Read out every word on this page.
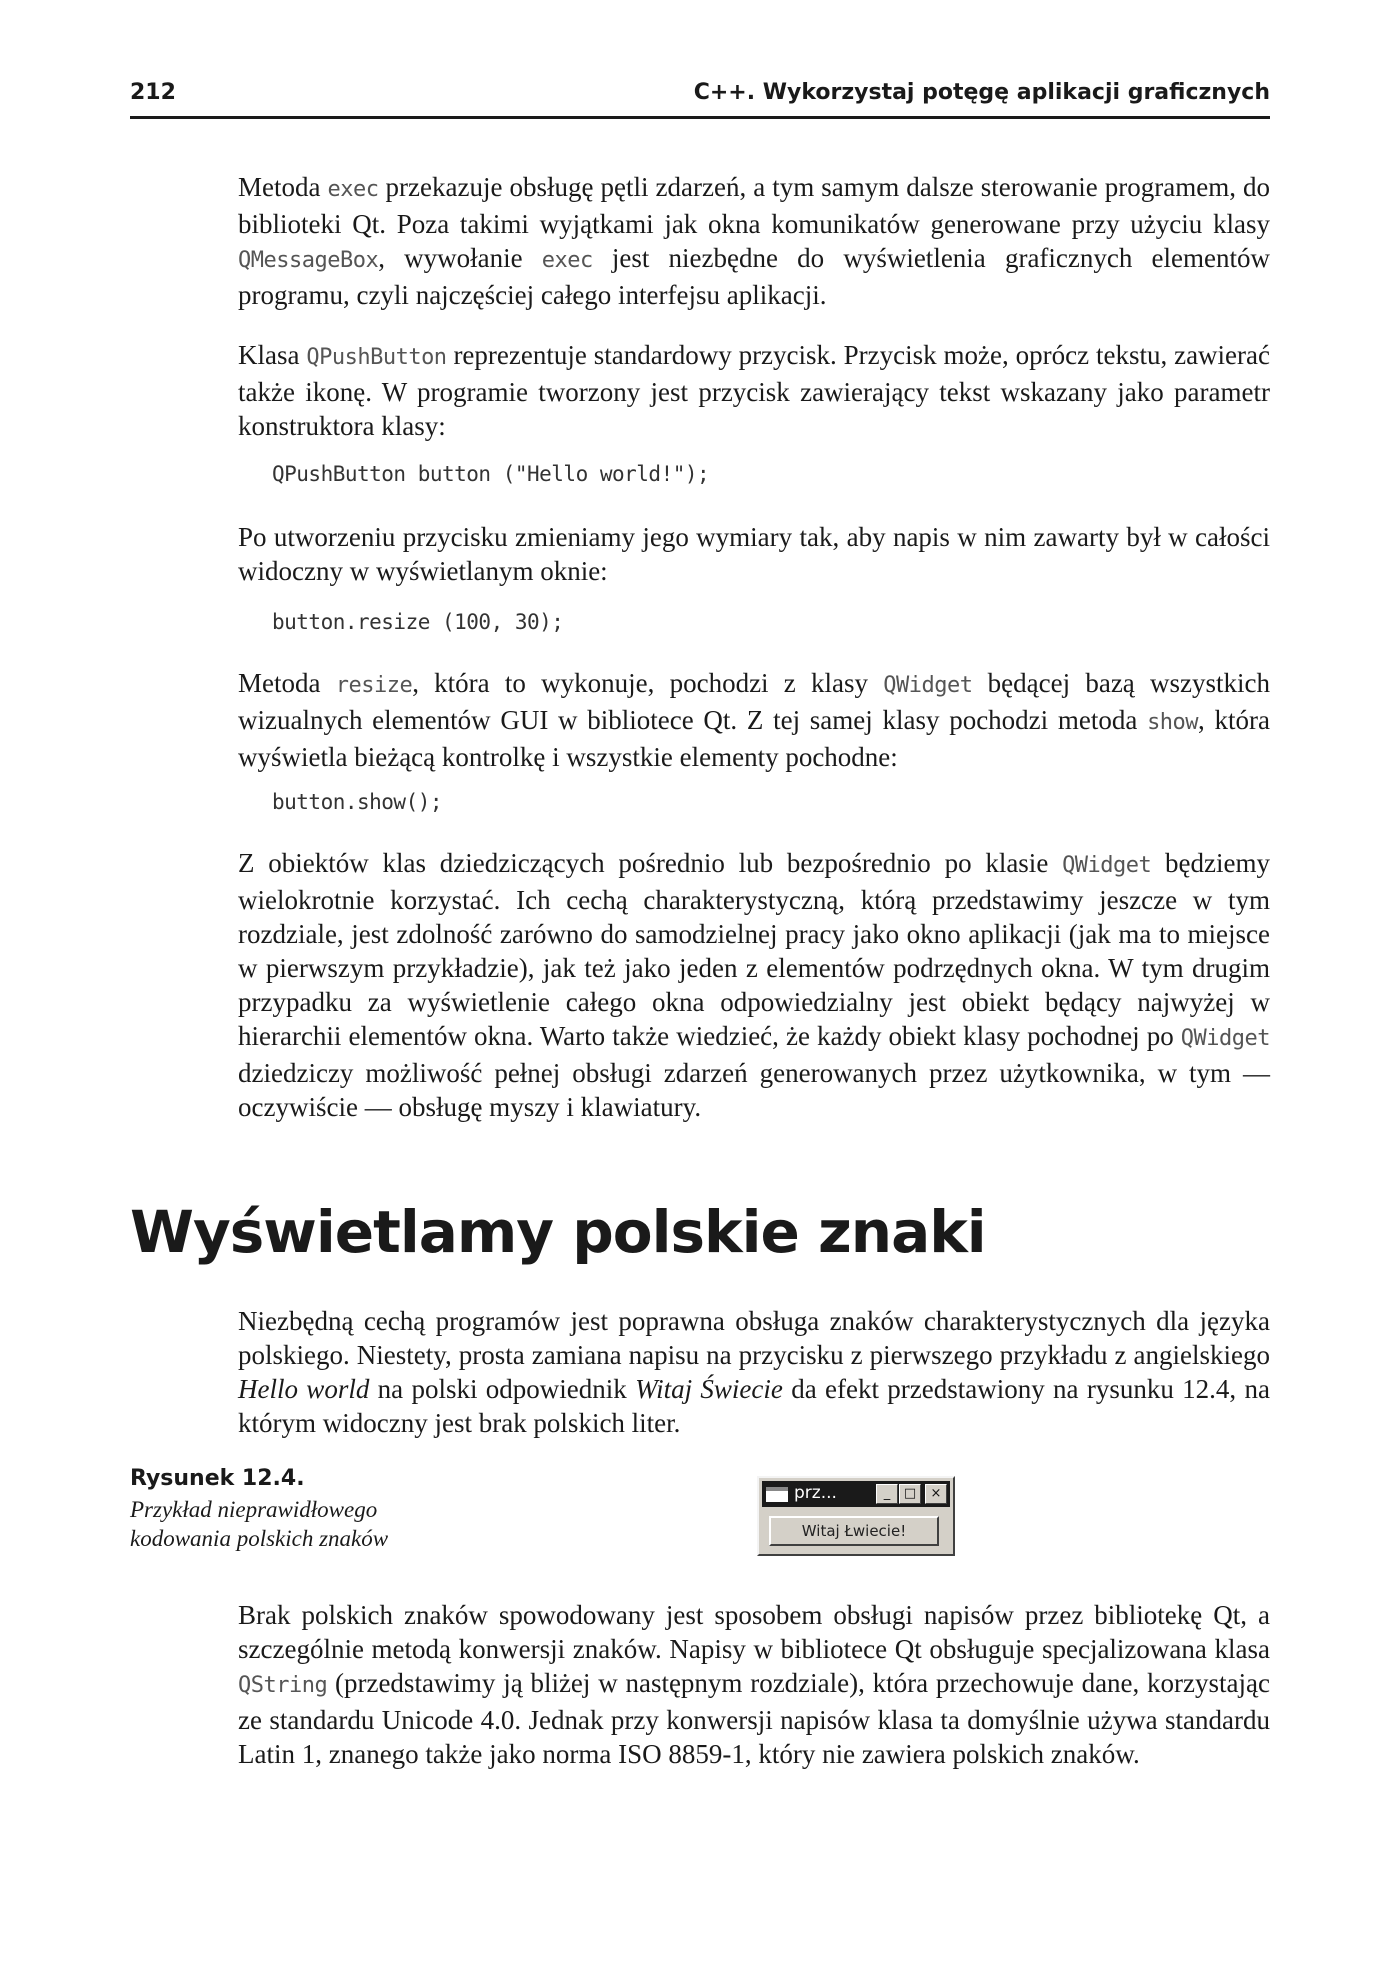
212	C++. Wykorzystaj potęgę aplikacji graficznych

Metoda exec przekazuje obsługę pętli zdarzeń, a tym samym dalsze sterowanie programem, do biblioteki Qt. Poza takimi wyjątkami jak okna komunikatów generowane przy użyciu klasy QMessageBox, wywołanie exec jest niezbędne do wyświetlenia graficznych elementów programu, czyli najczęściej całego interfejsu aplikacji.

Klasa QPushButton reprezentuje standardowy przycisk. Przycisk może, oprócz tekstu, zawierać także ikonę. W programie tworzony jest przycisk zawierający tekst wskazany jako parametr konstruktora klasy:

QPushButton button ("Hello world!");

Po utworzeniu przycisku zmieniamy jego wymiary tak, aby napis w nim zawarty był w całości widoczny w wyświetlanym oknie:

button.resize (100, 30);

Metoda resize, która to wykonuje, pochodzi z klasy QWidget będącej bazą wszystkich wizualnych elementów GUI w bibliotece Qt. Z tej samej klasy pochodzi metoda show, która wyświetla bieżącą kontrolkę i wszystkie elementy pochodne:

button.show();

Z obiektów klas dziedziczących pośrednio lub bezpośrednio po klasie QWidget będziemy wielokrotnie korzystać. Ich cechą charakterystyczną, którą przedstawimy jeszcze w tym rozdziale, jest zdolność zarówno do samodzielnej pracy jako okno aplikacji (jak ma to miejsce w pierwszym przykładzie), jak też jako jeden z elementów podrzędnych okna. W tym drugim przypadku za wyświetlenie całego okna odpowiedzialny jest obiekt będący najwyżej w hierarchii elementów okna. Warto także wiedzieć, że każdy obiekt klasy pochodnej po QWidget dziedziczy możliwość pełnej obsługi zdarzeń generowanych przez użytkownika, w tym — oczywiście — obsługę myszy i klawiatury.

Wyświetlamy polskie znaki

Niezbędną cechą programów jest poprawna obsługa znaków charakterystycznych dla języka polskiego. Niestety, prosta zamiana napisu na przycisku z pierwszego przykładu z angielskiego Hello world na polski odpowiednik Witaj Świecie da efekt przedstawiony na rysunku 12.4, na którym widoczny jest brak polskich liter.

Rysunek 12.4.
Przykład nieprawidłowego kodowania polskich znaków
prz...	_	□	×
Witaj Łwiecie!

Brak polskich znaków spowodowany jest sposobem obsługi napisów przez bibliotekę Qt, a szczególnie metodą konwersji znaków. Napisy w bibliotece Qt obsługuje specjalizowana klasa QString (przedstawimy ją bliżej w następnym rozdziale), która przechowuje dane, korzystając ze standardu Unicode 4.0. Jednak przy konwersji napisów klasa ta domyślnie używa standardu Latin 1, znanego także jako norma ISO 8859-1, który nie zawiera polskich znaków.
